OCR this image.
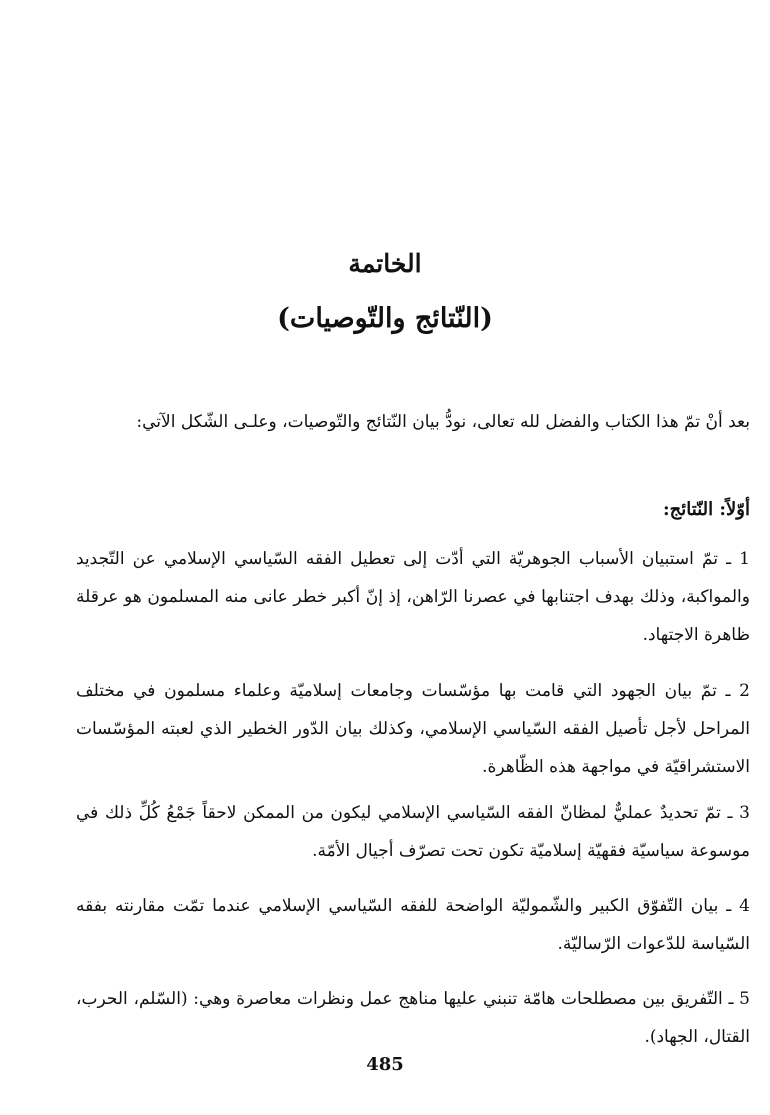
الخاتمة
(النّتائج والتّوصيات)

بعد أنْ تمّ هذا الكتاب والفضل لله تعالى، نودُّ بيان النّتائج والتّوصيات، وعلـى الشّكل الآتي:

أوّلاً: النّتائج:

1 ـ تمّ استبيان الأسباب الجوهريّة التي أدّت إلى تعطيل الفقه السّياسي الإسلامي عن التّجديد والمواكبة، وذلك بهدف اجتنابها في عصرنا الرّاهن، إذ إنّ أكبر خطر عانى منه المسلمون هو عرقلة ظاهرة الاجتهاد.

2 ـ تمّ بيان الجهود التي قامت بها مؤسّسات وجامعات إسلاميّة وعلماء مسلمون في مختلف المراحل لأجل تأصيل الفقه السّياسي الإسلامي، وكذلك بيان الدّور الخطير الذي لعبته المؤسّسات الاستشراقيّة في مواجهة هذه الظّاهرة.

3 ـ تمّ تحديدٌ عمليٌّ لمظانّ الفقه السّياسي الإسلامي ليكون من الممكن لاحقاً جَمْعُ كُلِّ ذلك في موسوعة سياسيّة فقهيّة إسلاميّة تكون تحت تصرّف أجيال الأمّة.

4 ـ بيان التّفوّق الكبير والشّموليّة الواضحة للفقه السّياسي الإسلامي عندما تمّت مقارنته بفقه السّياسة للدّعوات الرّساليّة.

5 ـ التّفريق بين مصطلحات هامّة تنبني عليها مناهج عمل ونظرات معاصرة وهي: (السّلم، الحرب، القتال، الجهاد).

485
